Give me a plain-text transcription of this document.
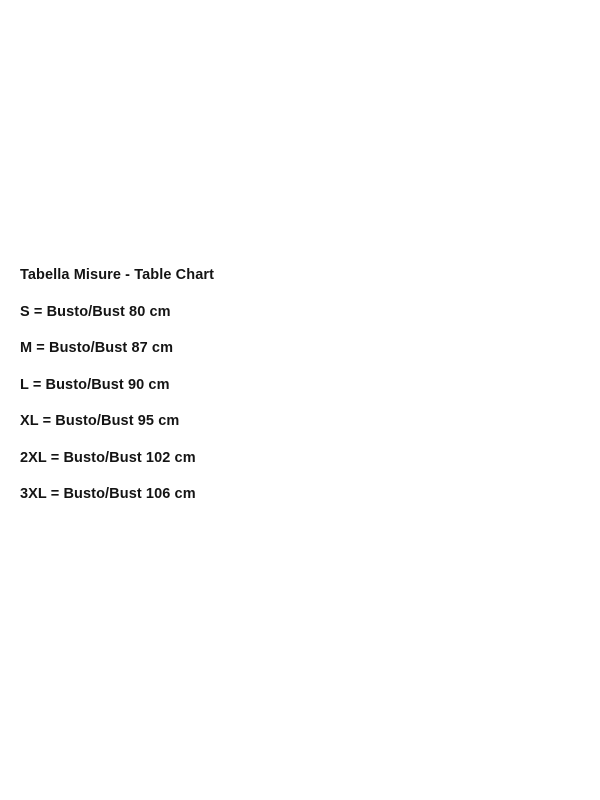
Tabella Misure - Table Chart
S = Busto/Bust 80 cm
M = Busto/Bust 87 cm
L = Busto/Bust 90 cm
XL = Busto/Bust 95 cm
2XL = Busto/Bust 102 cm
3XL = Busto/Bust 106 cm
